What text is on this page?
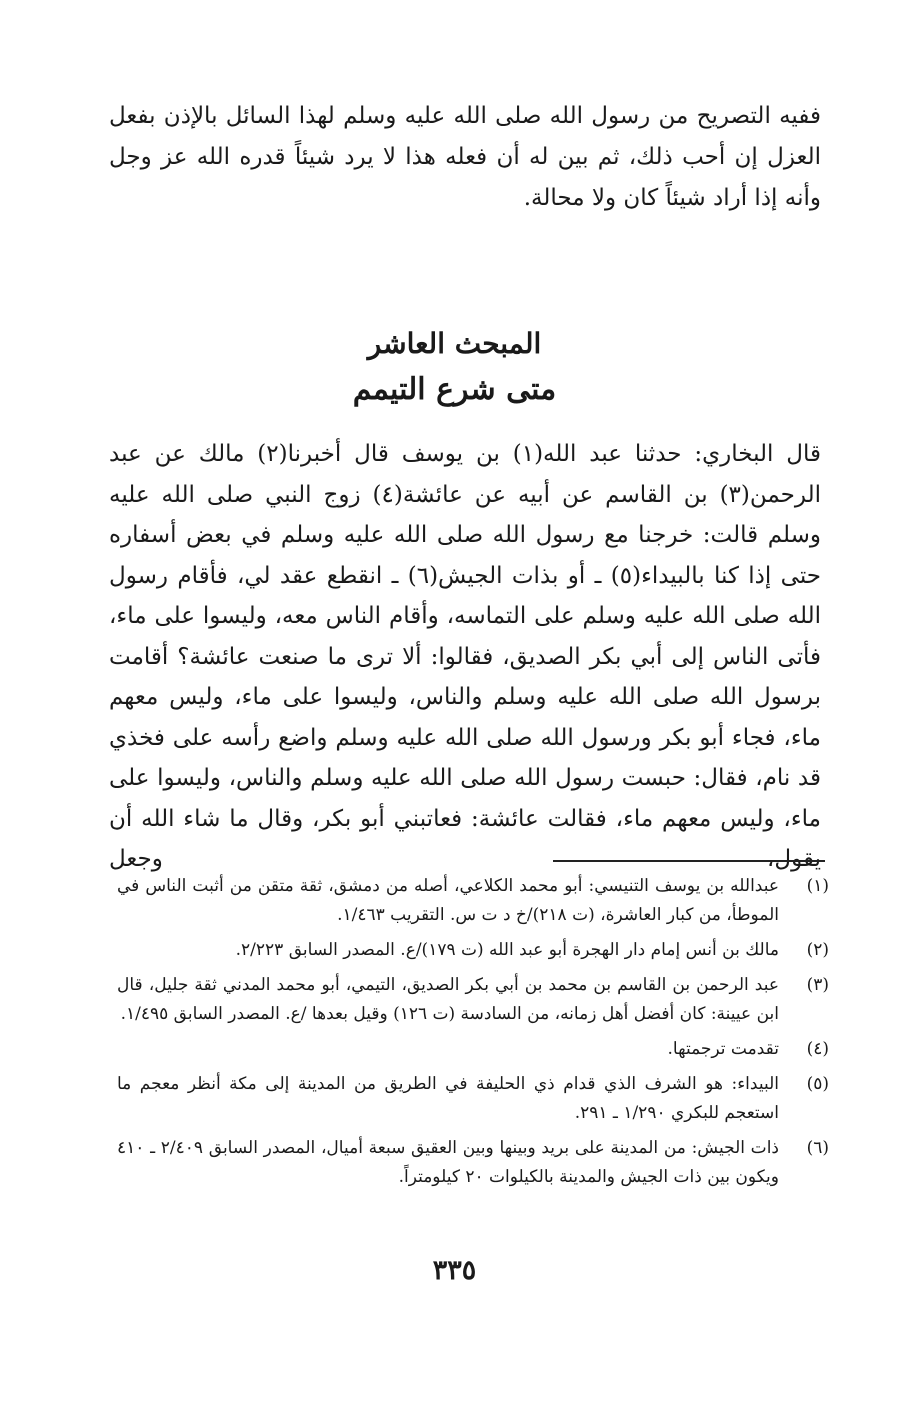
ففيه التصريح من رسول الله صلى الله عليه وسلم لهذا السائل بالإذن بفعل العزل إن أحب ذلك، ثم بين له أن فعله هذا لا يرد شيئاً قدره الله عز وجل وأنه إذا أراد شيئاً كان ولا محالة.

المبحث العاشر
متى شرع التيمم

قال البخاري: حدثنا عبد الله(١) بن يوسف قال أخبرنا(٢) مالك عن عبد الرحمن(٣) بن القاسم عن أبيه عن عائشة(٤) زوج النبي صلى الله عليه وسلم قالت: خرجنا مع رسول الله صلى الله عليه وسلم في بعض أسفاره حتى إذا كنا بالبيداء(٥) ـ أو بذات الجيش(٦) ـ انقطع عقد لي، فأقام رسول الله صلى الله عليه وسلم على التماسه، وأقام الناس معه، وليسوا على ماء، فأتى الناس إلى أبي بكر الصديق، فقالوا: ألا ترى ما صنعت عائشة؟ أقامت برسول الله صلى الله عليه وسلم والناس، وليسوا على ماء، وليس معهم ماء، فجاء أبو بكر ورسول الله صلى الله عليه وسلم واضع رأسه على فخذي قد نام، فقال: حبست رسول الله صلى الله عليه وسلم والناس، وليسوا على ماء، وليس معهم ماء، فقالت عائشة: فعاتبني أبو بكر، وقال ما شاء الله أن يقول، وجعل

(١)
عبدالله بن يوسف التنيسي: أبو محمد الكلاعي، أصله من دمشق، ثقة متقن من أثبت الناس في الموطأ، من كبار العاشرة، (ت ٢١٨)/خ د ت س. التقريب ١/٤٦٣.
(٢)
مالك بن أنس إمام دار الهجرة أبو عبد الله (ت ١٧٩)/ع. المصدر السابق ٢/٢٢٣.
(٣)
عبد الرحمن بن القاسم بن محمد بن أبي بكر الصديق، التيمي، أبو محمد المدني ثقة جليل، قال ابن عيينة: كان أفضل أهل زمانه، من السادسة (ت ١٢٦) وقيل بعدها /ع. المصدر السابق ١/٤٩٥.
(٤)
تقدمت ترجمتها.
(٥)
البيداء: هو الشرف الذي قدام ذي الحليفة في الطريق من المدينة إلى مكة أنظر معجم ما استعجم للبكري ١/٢٩٠ ـ ٢٩١.
(٦)
ذات الجيش: من المدينة على بريد وبينها وبين العقيق سبعة أميال، المصدر السابق ٢/٤٠٩ ـ ٤١٠ ويكون بين ذات الجيش والمدينة بالكيلوات ٢٠ كيلومتراً.
٣٣٥
